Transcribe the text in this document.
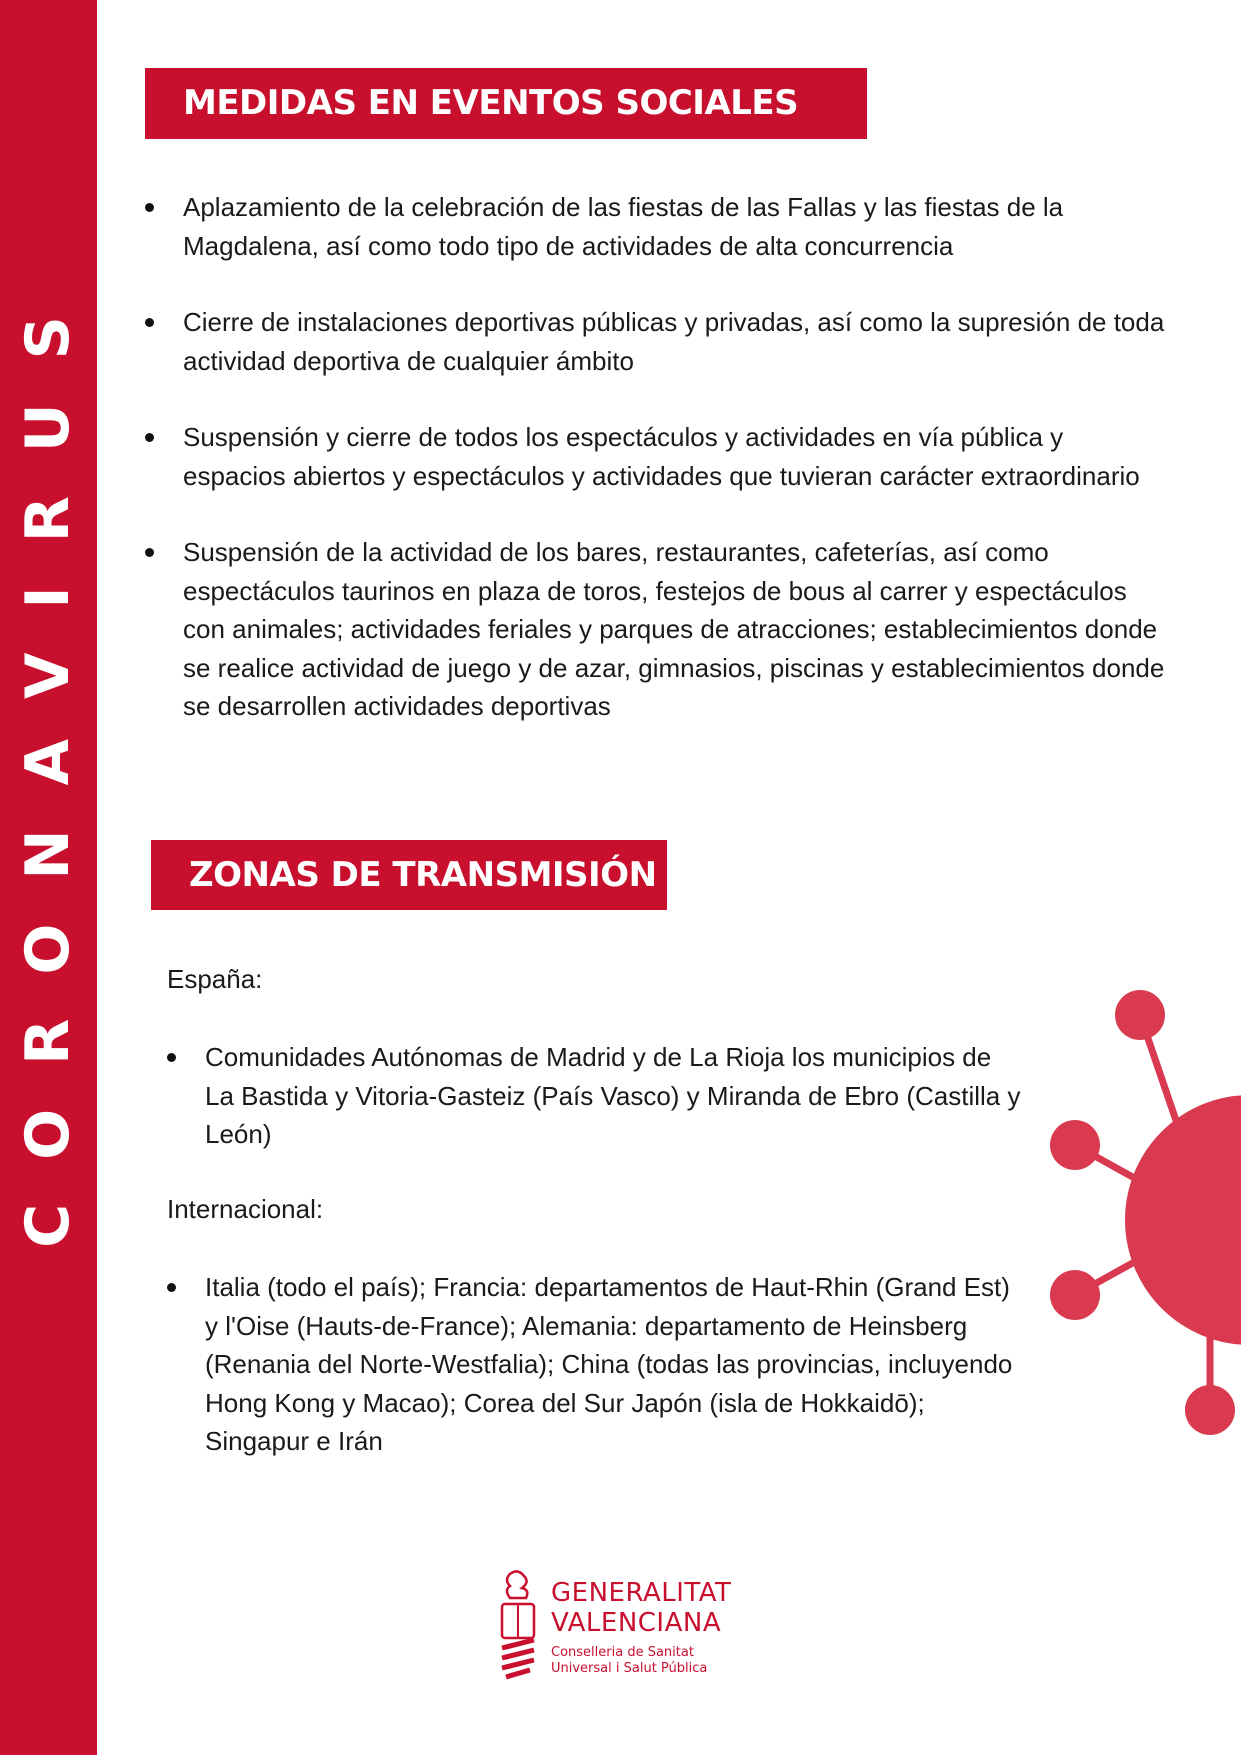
CORONAVIRUS
MEDIDAS EN EVENTOS SOCIALES
Aplazamiento de la celebración de las fiestas de las Fallas y las fiestas de la Magdalena, así como todo tipo de actividades de alta concurrencia
Cierre de instalaciones deportivas públicas y privadas, así como la supresión de toda actividad deportiva de cualquier ámbito
Suspensión y cierre de todos los espectáculos y actividades en vía pública y espacios abiertos y espectáculos y actividades que tuvieran carácter extraordinario
Suspensión de la actividad de los bares, restaurantes, cafeterías, así como espectáculos taurinos en plaza de toros, festejos de bous al carrer y espectáculos con animales; actividades feriales y parques de atracciones; establecimientos donde se realice actividad de juego y de azar, gimnasios, piscinas y establecimientos donde se desarrollen actividades deportivas
ZONAS DE TRANSMISIÓN
España:
Comunidades Autónomas de Madrid y de La Rioja los municipios de La Bastida y Vitoria-Gasteiz (País Vasco) y Miranda de Ebro (Castilla y León)
Internacional:
Italia (todo el país); Francia: departamentos de Haut-Rhin (Grand Est) y l'Oise (Hauts-de-France); Alemania: departamento de Heinsberg (Renania del Norte-Westfalia); China (todas las provincias, incluyendo Hong Kong y Macao); Corea del Sur Japón (isla de Hokkaidō); Singapur e Irán
GENERALITAT
VALENCIANA
Conselleria de Sanitat
Universal i Salut Pública
